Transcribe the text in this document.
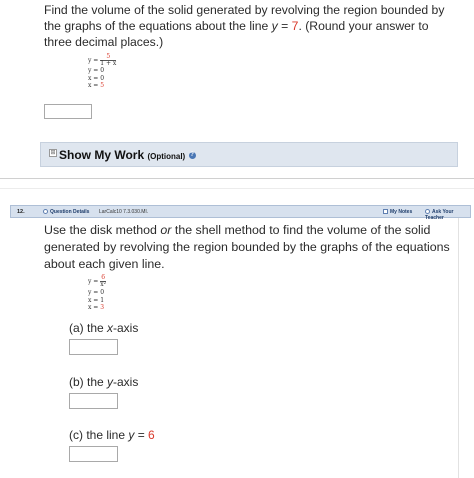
Find the volume of the solid generated by revolving the region bounded by
the graphs of the equations about the line y = 7. (Round your answer to
three decimal places.)
$y = \frac{5}{1 + x}$
y = 0
x = 0
x = 5
⊞ Show My Work (Optional) ?
12.	Question Details LarCalc10 7.3.030.MI.	My Notes	Ask Your Teacher
Use the disk method or the shell method to find the volume of the solid
generated by revolving the region bounded by the graphs of the equations
about each given line.
$y = \frac{6}{\text{x²}}$
y = 0
x = 1
x = 3
(a) the x-axis
(b) the y-axis
(c) the line y = 6
